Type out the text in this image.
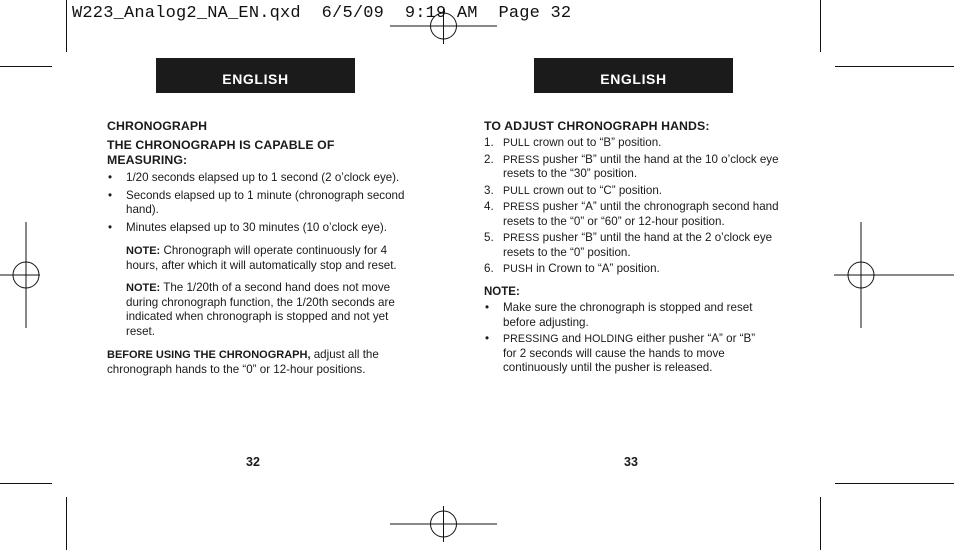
W223_Analog2_NA_EN.qxd  6/5/09  9:19 AM  Page 32
ENGLISH	ENGLISH
CHRONOGRAPH
THE CHRONOGRAPH IS CAPABLE OF MEASURING:
• 1/20 seconds elapsed up to 1 second (2 o’clock eye).
• Seconds elapsed up to 1 minute (chronograph second hand).
• Minutes elapsed up to 30 minutes (10 o’clock eye).
NOTE: Chronograph will operate continuously for 4 hours, after which it will automatically stop and reset.
NOTE: The 1/20th of a second hand does not move during chronograph function, the 1/20th seconds are indicated when chronograph is stopped and not yet reset.
BEFORE USING THE CHRONOGRAPH, adjust all the chronograph hands to the “0” or 12-hour positions.
32
TO ADJUST CHRONOGRAPH HANDS:
1. PULL crown out to “B” position.
2. PRESS pusher “B” until the hand at the 10 o’clock eye resets to the “30” position.
3. PULL crown out to “C” position.
4. PRESS pusher “A” until the chronograph second hand resets to the “0” or “60” or 12-hour position.
5. PRESS pusher “B” until the hand at the 2 o’clock eye resets to the “0” position.
6. PUSH in Crown to “A” position.
NOTE:
• Make sure the chronograph is stopped and reset before adjusting.
• PRESSING and HOLDING either pusher “A” or “B” for 2 seconds will cause the hands to move continuously until the pusher is released.
33
